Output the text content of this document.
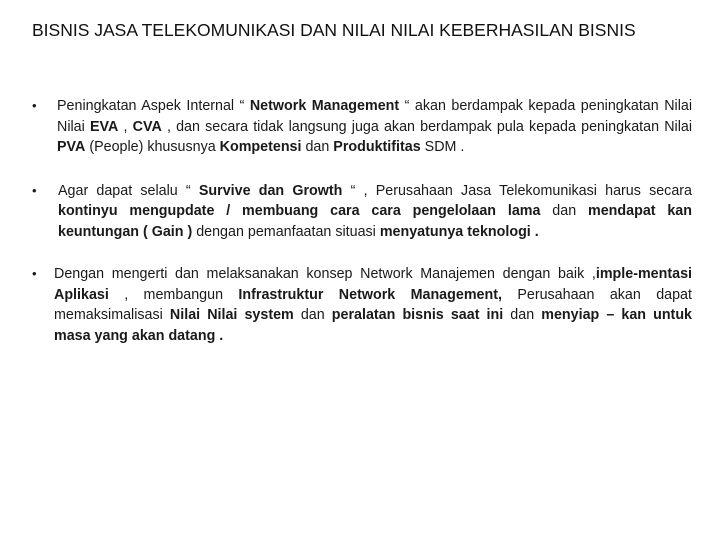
BISNIS JASA TELEKOMUNIKASI DAN NILAI NILAI KEBERHASILAN BISNIS
•	Peningkatan Aspek Internal “ Network Management “ akan berdampak kepada peningkatan Nilai Nilai EVA , CVA , dan secara tidak langsung juga akan berdampak pula kepada peningkatan Nilai PVA (People) khususnya Kompetensi dan Produktifitas SDM .
•	Agar dapat selalu “ Survive dan Growth “ , Perusahaan Jasa Telekomunikasi harus secara kontinyu mengupdate / membuang cara cara pengelolaan lama dan mendapat kan keuntungan ( Gain ) dengan pemanfaatan situasi menyatunya teknologi .
•	Dengan mengerti dan melaksanakan konsep Network Manajemen dengan baik ,imple-mentasi Aplikasi , membangun Infrastruktur Network Management, Perusahaan akan dapat memaksimalisasi Nilai Nilai system dan peralatan bisnis saat ini dan menyiap – kan untuk masa yang akan datang .
